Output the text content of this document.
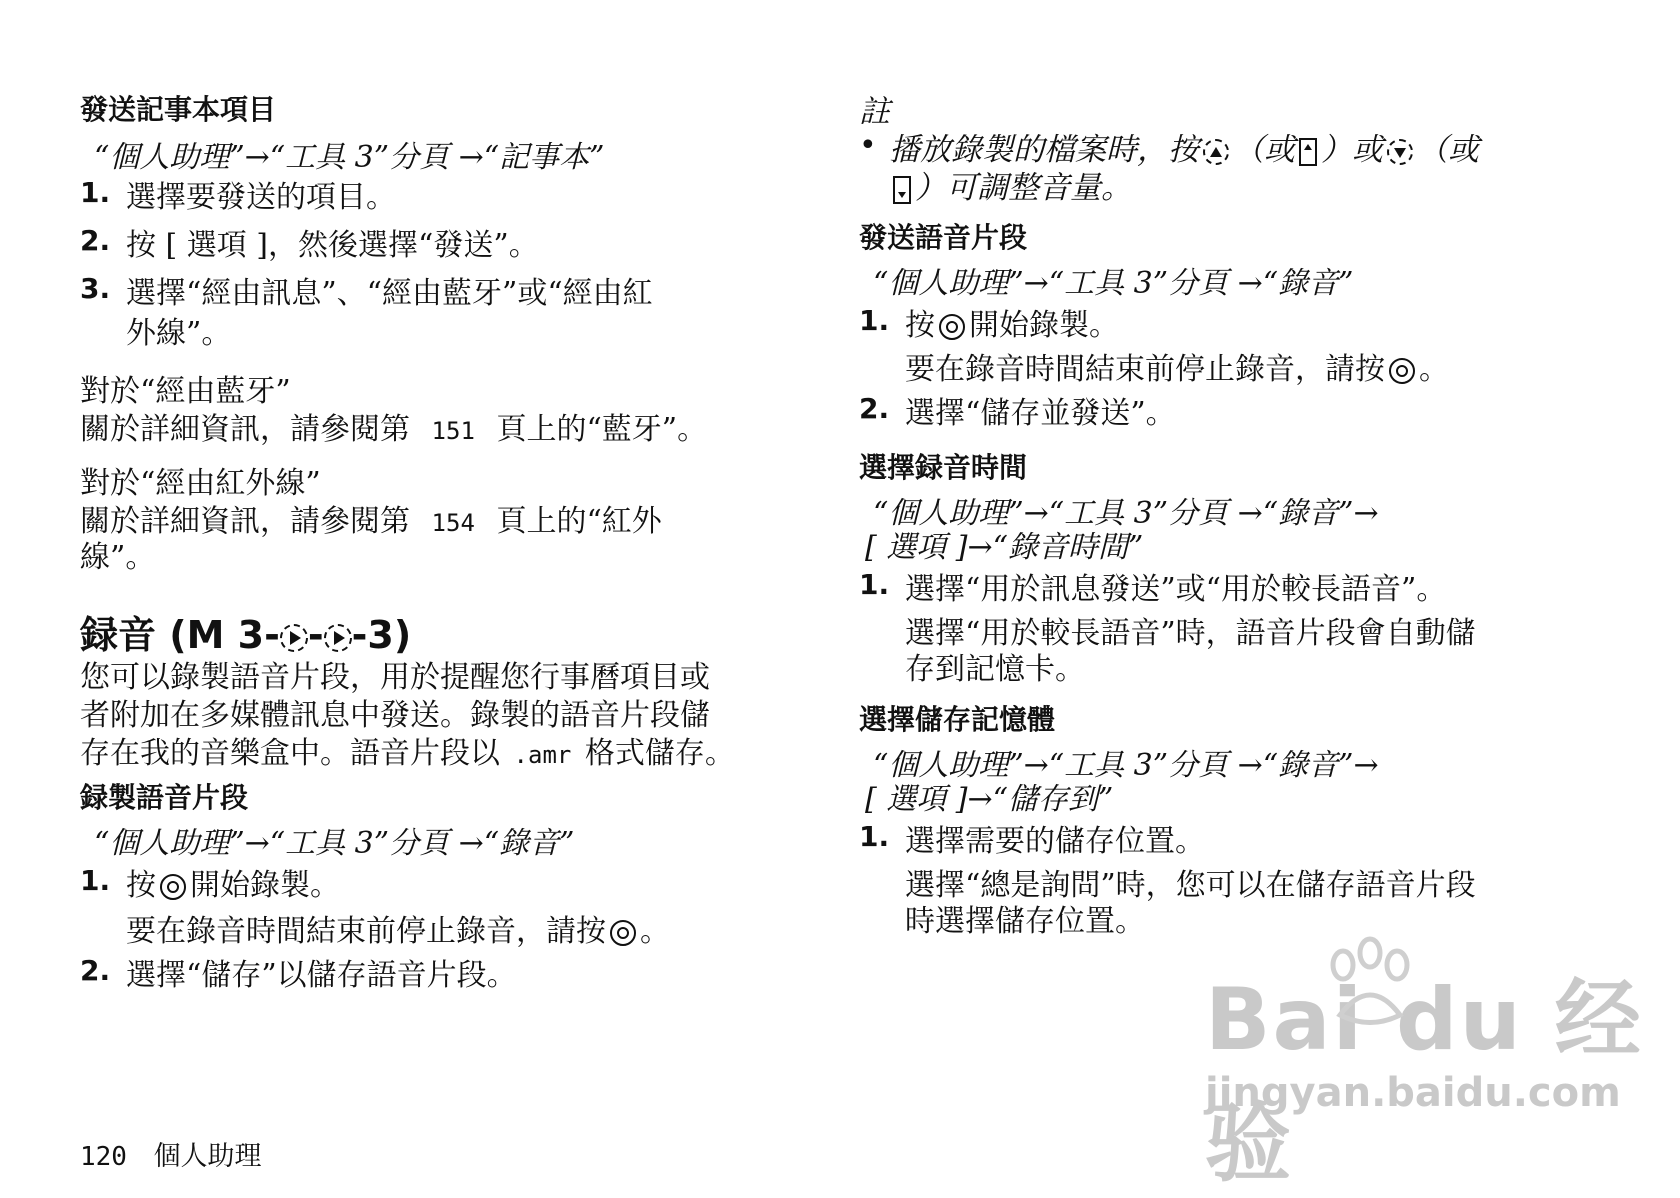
發送記事本項目
“個人助理”→“工具 3”分頁 →“記事本”
1. 選擇要發送的項目。
2. 按 [ 選項 ]，然後選擇“發送”。
3. 選擇“經由訊息”、“經由藍牙”或“經由紅
外線”。
對於“經由藍牙”
關於詳細資訊，請參閱第 151 頁上的“藍牙”。
對於“經由紅外線”
關於詳細資訊，請參閱第 154 頁上的“紅外
線”。
録音 (M 3- - -3)
您可以錄製語音片段，用於提醒您行事曆項目或
者附加在多媒體訊息中發送。錄製的語音片段儲
存在我的音樂盒中。語音片段以 .amr 格式儲存。
録製語音片段
“個人助理”→“工具 3”分頁 →“錄音”
1. 按 開始錄製。
要在錄音時間結束前停止錄音，請按 。
2. 選擇“儲存”以儲存語音片段。
120 個人助理
註
• 播放錄製的檔案時，按 （或 ）或 （或
）可調整音量。
發送語音片段
“個人助理”→“工具 3”分頁 →“錄音”
1. 按 開始錄製。
要在錄音時間結束前停止錄音，請按 。
2. 選擇“儲存並發送”。
選擇録音時間
“個人助理”→“工具 3”分頁 →“錄音”→
[ 選項 ]→“錄音時間”
1. 選擇“用於訊息發送”或“用於較長語音”。
選擇“用於較長語音”時，語音片段會自動儲
存到記憶卡。
選擇儲存記憶體
“個人助理”→“工具 3”分頁 →“錄音”→
[ 選項 ]→“儲存到”
1. 選擇需要的儲存位置。
選擇“總是詢問”時，您可以在儲存語音片段
時選擇儲存位置。
Bai du 经验
jingyan.baidu.com
